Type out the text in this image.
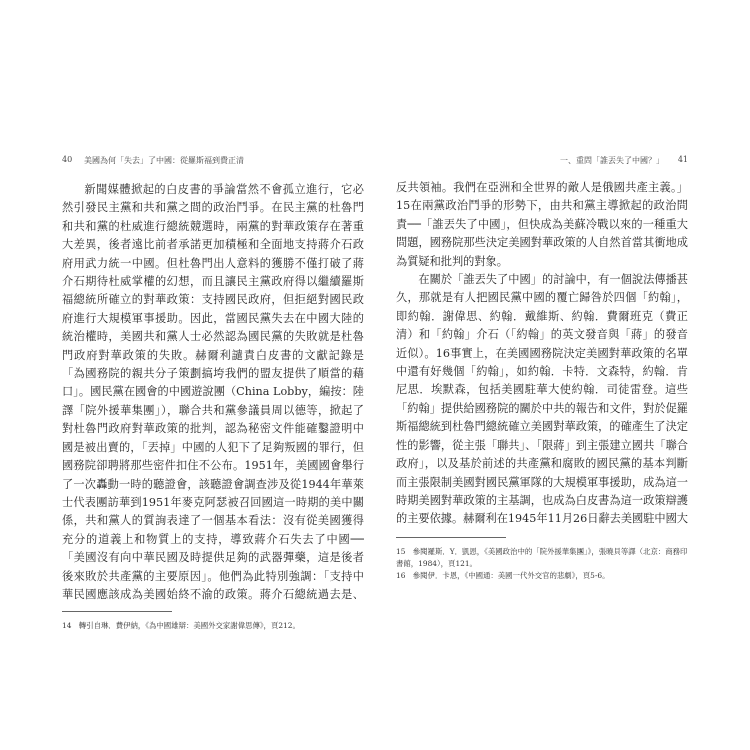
40 美國為何「失去」了中國：從羅斯福到費正清

新聞媒體掀起的白皮書的爭論當然不會孤立進行，它必然引發民主黨和共和黨之間的政治鬥爭。在民主黨的杜魯門和共和黨的杜威進行總統競選時，兩黨的對華政策存在著重大差異，後者遠比前者承諾更加積極和全面地支持蔣介石政府用武力統一中國。但杜魯門出人意料的獲勝不僅打破了蔣介石期待杜威掌權的幻想，而且讓民主黨政府得以繼續羅斯福總統所確立的對華政策：支持國民政府，但拒絕對國民政府進行大規模軍事援助。因此，當國民黨失去在中國大陸的統治權時，美國共和黨人士必然認為國民黨的失敗就是杜魯門政府對華政策的失敗。赫爾利譴責白皮書的文獻記錄是「為國務院的親共分子策劃搞垮我們的盟友提供了順當的藉口」。國民黨在國會的中國遊說團（China Lobby，編按：陸譯「院外援華集團」），聯合共和黨參議員周以德等，掀起了對杜魯門政府對華政策的批判，認為秘密文件能確鑿證明中國是被出賣的，「丟掉」中國的人犯下了足夠叛國的罪行，但國務院卻聘將那些密件扣住不公布。1951年，美國國會舉行了一次轟動一時的聽證會，該聽證會調查涉及從1944年華萊士代表團訪華到1951年麥克阿瑟被召回國這一時期的美中關係，共和黨人的質詢表達了一個基本看法：沒有從美國獲得充分的道義上和物質上的支持，導致蔣介石失去了中國──「美國沒有向中華民國及時提供足夠的武器彈藥，這是後者後來敗於共產黨的主要原因」。他們為此特別強調：「支持中華民國應該成為美國始終不渝的政策。蔣介石總統過去是、

14　轉引自琳．費伊納，《為中國雄辯：美國外交家謝偉思傳》，頁212。
一、重問「誰丟失了中國？」 41

反共領袖。我們在亞洲和全世界的敵人是俄國共產主義。」15在兩黨政治鬥爭的形勢下，由共和黨主導掀起的政治問責──「誰丟失了中國」，但快成為美蘇冷戰以來的一種重大問題，國務院那些決定美國對華政策的人自然首當其衝地成為質疑和批判的對象。

在關於「誰丟失了中國」的討論中，有一個說法傳播甚久，那就是有人把國民黨中國的覆亡歸咎於四個「約翰」，即約翰．謝偉思、約翰．戴維斯、約翰．費爾班克（費正清）和「約翰」介石（「約翰」的英文發音與「蔣」的發音近似）。16事實上，在美國國務院決定美國對華政策的名單中還有好幾個「約翰」，如約翰．卡特．文森特，約翰．肯尼思．埃默森，包括美國駐華大使約翰．司徒雷登。這些「約翰」提供給國務院的關於中共的報告和文件，對於促羅斯福總統到杜魯門總統確立美國對華政策，的確產生了決定性的影響，從主張「聯共」、「限蔣」到主張建立國共「聯合政府」，以及基於前述的共產黨和腐敗的國民黨的基本判斷而主張限制美國對國民黨軍隊的大規模軍事援助，成為這一時期美國對華政策的主基調，也成為白皮書為這一政策辯護的主要依據。赫爾利在1945年11月26日辭去美國駐中國大

15　參閱羅斯．Y．凱恩，《美國政治中的「院外援華集團」》，張曉貝等譯（北京：商務印書館，1984），頁121。
16　參閱伊．卡恩，《中國通：美國一代外交官的悲劇》，頁5-6。
